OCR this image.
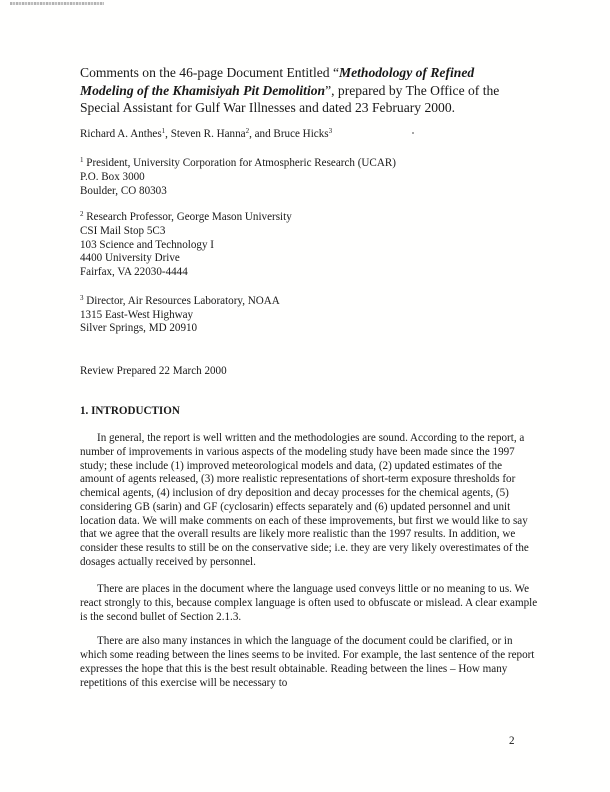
Comments on the 46-page Document Entitled “Methodology of Refined Modeling of the Khamisiyah Pit Demolition”, prepared by The Office of the Special Assistant for Gulf War Illnesses and dated 23 February 2000.
Richard A. Anthes$^1$, Steven R. Hanna$^2$, and Bruce Hicks$^3$
$^1$ President, University Corporation for Atmospheric Research (UCAR)
P.O. Box 3000
Boulder, CO 80303
$^2$ Research Professor, George Mason University
CSI Mail Stop 5C3
103 Science and Technology I
4400 University Drive
Fairfax, VA 22030-4444
$^3$ Director, Air Resources Laboratory, NOAA
1315 East-West Highway
Silver Springs, MD 20910
Review Prepared 22 March 2000
1. INTRODUCTION
In general, the report is well written and the methodologies are sound. According to the report, a number of improvements in various aspects of the modeling study have been made since the 1997 study; these include (1) improved meteorological models and data, (2) updated estimates of the amount of agents released, (3) more realistic representations of short-term exposure thresholds for chemical agents, (4) inclusion of dry deposition and decay processes for the chemical agents, (5) considering GB (sarin) and GF (cyclosarin) effects separately and (6) updated personnel and unit location data. We will make comments on each of these improvements, but first we would like to say that we agree that the overall results are likely more realistic than the 1997 results. In addition, we consider these results to still be on the conservative side; i.e. they are very likely overestimates of the dosages actually received by personnel.
There are places in the document where the language used conveys little or no meaning to us. We react strongly to this, because complex language is often used to obfuscate or mislead. A clear example is the second bullet of Section 2.1.3.
There are also many instances in which the language of the document could be clarified, or in which some reading between the lines seems to be invited. For example, the last sentence of the report expresses the hope that this is the best result obtainable. Reading between the lines – How many repetitions of this exercise will be necessary to
2
